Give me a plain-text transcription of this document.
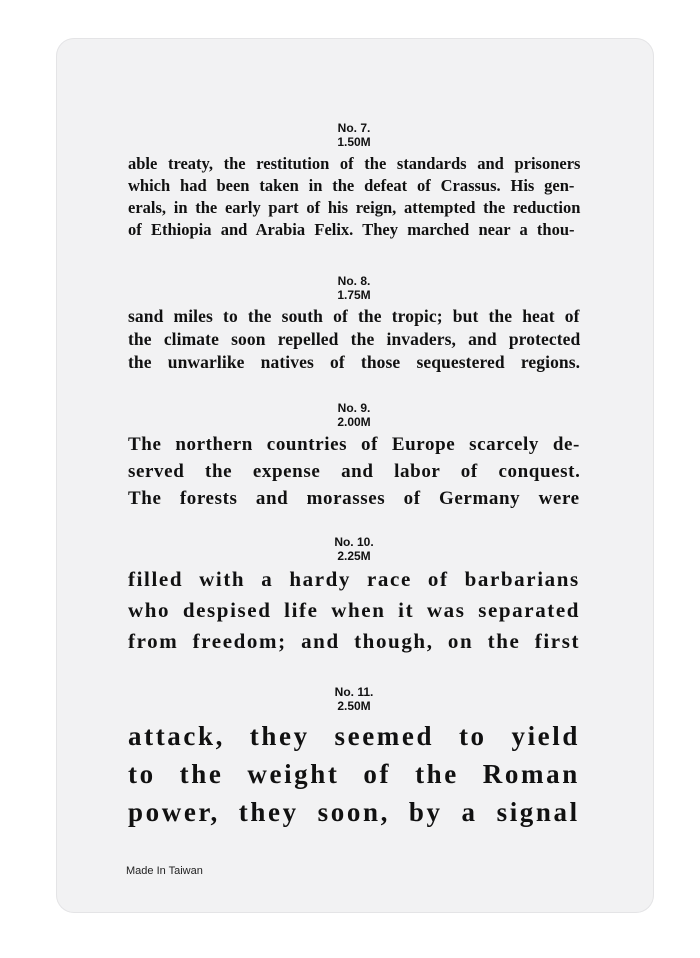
No. 7.
1.50M
able treaty, the restitution of the standards and prisoners
which had been taken in the defeat of Crassus. His gen-
erals, in the early part of his reign, attempted the reduction
of Ethiopia and Arabia Felix. They marched near a thou-
No. 8.
1.75M
sand miles to the south of the tropic; but the heat of
the climate soon repelled the invaders, and protected
the unwarlike natives of those sequestered regions.
No. 9.
2.00M
The northern countries of Europe scarcely de-
served the expense and labor of conquest.
The forests and morasses of Germany were
No. 10.
2.25M
filled with a hardy race of barbarians
who despised life when it was separated
from freedom; and though, on the first
No. 11.
2.50M
attack, they seemed to yield
to the weight of the Roman
power, they soon, by a signal
Made In Taiwan
